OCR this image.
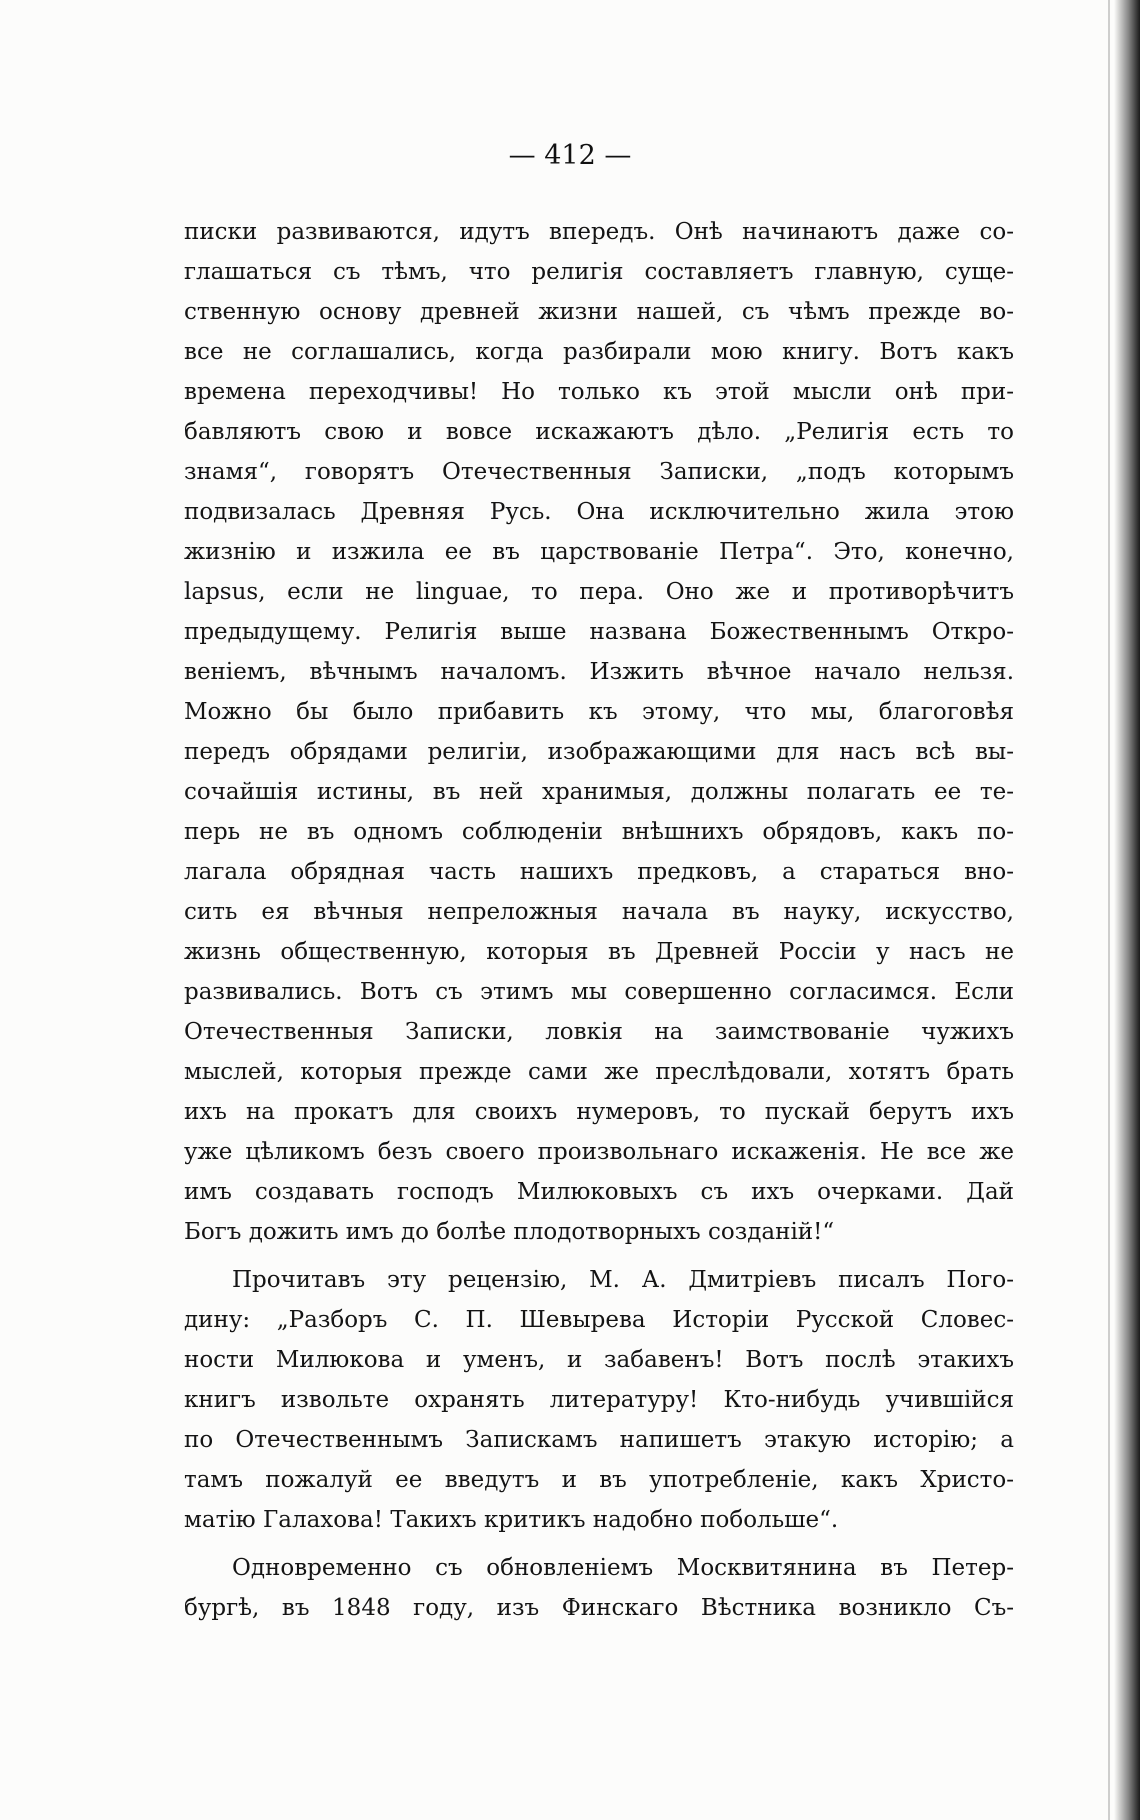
— 412 —
писки развиваются, идутъ впередъ. Онѣ начинаютъ даже со-
глашаться съ тѣмъ, что религія составляетъ главную, суще-
ственную основу древней жизни нашей, съ чѣмъ прежде во-
все не соглашались, когда разбирали мою книгу. Вотъ какъ
времена переходчивы! Но только къ этой мысли онѣ при-
бавляютъ свою и вовсе искажаютъ дѣло. „Религія есть то
знамя“, говорятъ Отечественныя Записки, „подъ которымъ
подвизалась Древняя Русь. Она исключительно жила этою
жизнію и изжила ее въ царствованіе Петра“. Это, конечно,
lapsus, если не linguae, то пера. Оно же и противорѣчитъ
предыдущему. Религія выше названа Божественнымъ Откро-
веніемъ, вѣчнымъ началомъ. Изжить вѣчное начало нельзя.
Можно бы было прибавить къ этому, что мы, благоговѣя
передъ обрядами религіи, изображающими для насъ всѣ вы-
сочайшія истины, въ ней хранимыя, должны полагать ее те-
перь не въ одномъ соблюденіи внѣшнихъ обрядовъ, какъ по-
лагала обрядная часть нашихъ предковъ, а стараться вно-
сить ея вѣчныя непреложныя начала въ науку, искусство,
жизнь общественную, которыя въ Древней Россіи у насъ не
развивались. Вотъ съ этимъ мы совершенно согласимся. Если
Отечественныя Записки, ловкія на заимствованіе чужихъ
мыслей, которыя прежде сами же преслѣдовали, хотятъ брать
ихъ на прокатъ для своихъ нумеровъ, то пускай берутъ ихъ
уже цѣликомъ безъ своего произвольнаго искаженія. Не все же
имъ создавать господъ Милюковыхъ съ ихъ очерками. Дай
Богъ дожить имъ до болѣе плодотворныхъ созданій!“
Прочитавъ эту рецензію, М. А. Дмитріевъ писалъ Пого-
дину: „Разборъ С. П. Шевырева Исторіи Русской Словес-
ности Милюкова и уменъ, и забавенъ! Вотъ послѣ этакихъ
книгъ извольте охранять литературу! Кто-нибудь учившійся
по Отечественнымъ Запискамъ напишетъ этакую исторію; а
тамъ пожалуй ее введутъ и въ употребленіе, какъ Христо-
матію Галахова! Такихъ критикъ надобно побольше“.
Одновременно съ обновленіемъ Москвитянина въ Петер-
бургѣ, въ 1848 году, изъ Финскаго Вѣстника возникло Съ-
